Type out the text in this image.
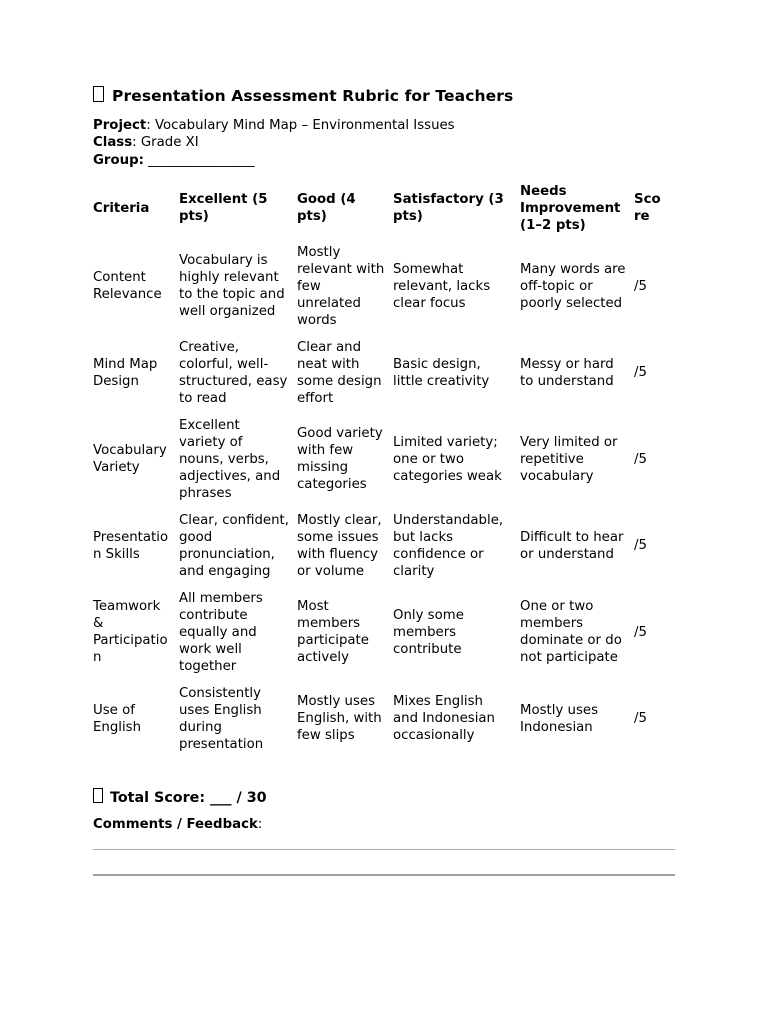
Presentation Assessment Rubric for Teachers

Project: Vocabulary Mind Map – Environmental Issues

Class: Grade XI

Group: ________________

Criteria	Excellent (5 pts)	Good (4 pts)	Satisfactory (3 pts)	Needs Improvement (1–2 pts)	Score
Content Relevance	Vocabulary is highly relevant to the topic and well organized	Mostly relevant with few unrelated words	Somewhat relevant, lacks clear focus	Many words are off-topic or poorly selected	/5
Mind Map Design	Creative, colorful, well-structured, easy to read	Clear and neat with some design effort	Basic design, little creativity	Messy or hard to understand	/5
Vocabulary Variety	Excellent variety of nouns, verbs, adjectives, and phrases	Good variety with few missing categories	Limited variety; one or two categories weak	Very limited or repetitive vocabulary	/5
Presentation Skills	Clear, confident, good pronunciation, and engaging	Mostly clear, some issues with fluency or volume	Understandable, but lacks confidence or clarity	Difficult to hear or understand	/5
Teamwork & Participation	All members contribute equally and work well together	Most members participate actively	Only some members contribute	One or two members dominate or do not participate	/5
Use of English	Consistently uses English during presentation	Mostly uses English, with few slips	Mixes English and Indonesian occasionally	Mostly uses Indonesian	/5

Total Score: ___ / 30

Comments / Feedback:
